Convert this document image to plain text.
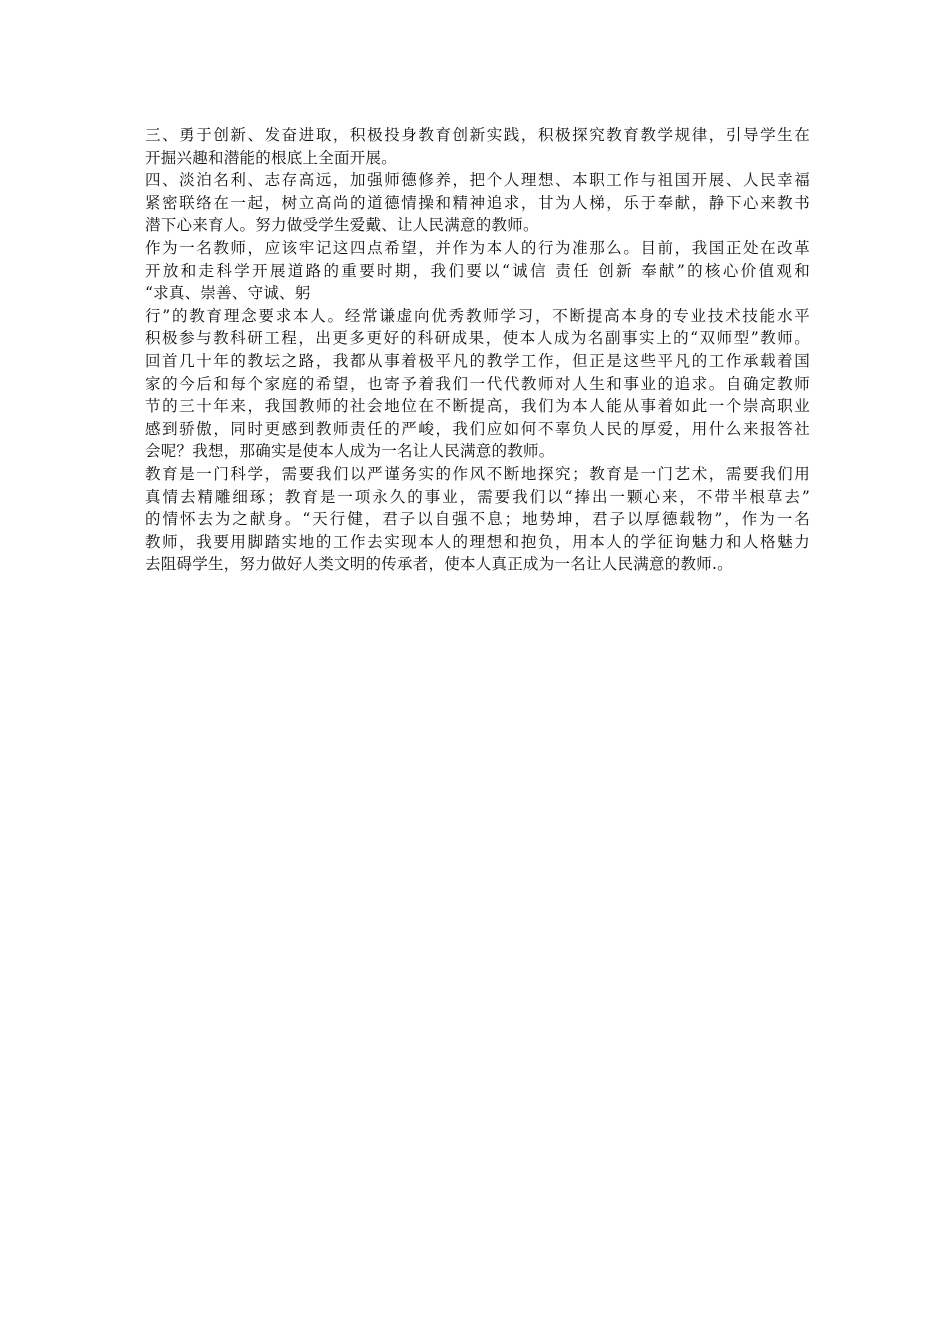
三、勇于创新、发奋进取，积极投身教育创新实践，积极探究教育教学规律，引导学生在
开掘兴趣和潜能的根底上全面开展。
四、淡泊名利、志存高远，加强师德修养，把个人理想、本职工作与祖国开展、人民幸福
紧密联络在一起，树立高尚的道德情操和精神追求，甘为人梯，乐于奉献，静下心来教书
潜下心来育人。努力做受学生爱戴、让人民满意的教师。
作为一名教师，应该牢记这四点希望，并作为本人的行为准那么。目前，我国正处在改革
开放和走科学开展道路的重要时期，我们要以“诚信 责任 创新 奉献”的核心价值观和
“求真、崇善、守诚、躬
行”的教育理念要求本人。经常谦虚向优秀教师学习，不断提高本身的专业技术技能水平
积极参与教科研工程，出更多更好的科研成果，使本人成为名副事实上的“双师型”教师。
回首几十年的教坛之路，我都从事着极平凡的教学工作，但正是这些平凡的工作承载着国
家的今后和每个家庭的希望，也寄予着我们一代代教师对人生和事业的追求。自确定教师
节的三十年来，我国教师的社会地位在不断提高，我们为本人能从事着如此一个崇高职业
感到骄傲，同时更感到教师责任的严峻，我们应如何不辜负人民的厚爱，用什么来报答社
会呢？我想，那确实是使本人成为一名让人民满意的教师。
教育是一门科学，需要我们以严谨务实的作风不断地探究；教育是一门艺术，需要我们用
真情去精雕细琢；教育是一项永久的事业，需要我们以“捧出一颗心来，不带半根草去”
的情怀去为之献身。“天行健，君子以自强不息；地势坤，君子以厚德载物”，作为一名
教师，我要用脚踏实地的工作去实现本人的理想和抱负，用本人的学征询魅力和人格魅力
去阻碍学生，努力做好人类文明的传承者，使本人真正成为一名让人民满意的教师.。
